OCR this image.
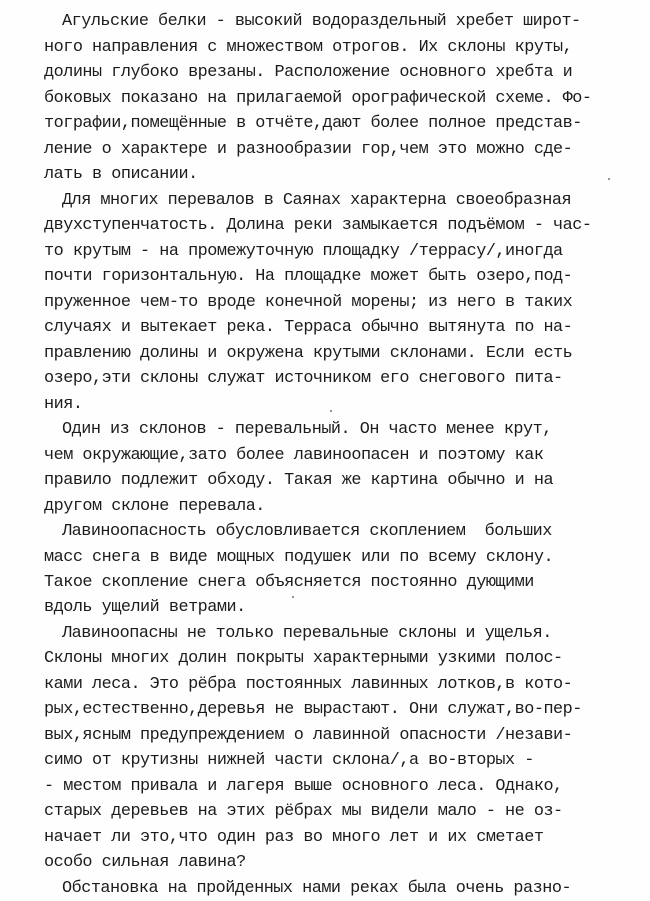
Агульские белки - высокий водораздельный хребет широт-
ного направления с множеством отрогов. Их склоны круты,
долины глубоко врезаны. Расположение основного хребта и
боковых показано на прилагаемой орографической схеме. Фо-
тографии,помещённые в отчёте,дают более полное представ-
ление о характере и разнообразии гор,чем это можно сде-
лать в описании.
Для многих перевалов в Саянах характерна своеобразная
двухступенчатость. Долина реки замыкается подъёмом - час-
то крутым - на промежуточную площадку /террасу/,иногда
почти горизонтальную. На площадке может быть озеро,под-
пруженное чем-то вроде конечной морены; из него в таких
случаях и вытекает река. Терраса обычно вытянута по на-
правлению долины и окружена крутыми склонами. Если есть
озеро,эти склоны служат источником его снегового пита-
ния.
Один из склонов - перевальный. Он часто менее крут,
чем окружающие,зато более лавиноопасен и поэтому как
правило подлежит обходу. Такая же картина обычно и на
другом склоне перевала.
Лавиноопасность обусловливается скоплением  больших
масс снега в виде мощных подушек или по всему склону.
Такое скопление снега объясняется постоянно дующими
вдоль ущелий ветрами.
Лавиноопасны не только перевальные склоны и ущелья.
Склоны многих долин покрыты характерными узкими полос-
ками леса. Это рёбра постоянных лавинных лотков,в кото-
рых,естественно,деревья не вырастают. Они служат,во-пер-
вых,ясным предупреждением о лавинной опасности /незави-
симо от крутизны нижней части склона/,а во-вторых -
- местом привала и лагеря выше основного леса. Однако,
старых деревьев на этих рёбрах мы видели мало - не оз-
начает ли это,что один раз во много лет и их сметает
особо сильная лавина?
Обстановка на пройденных нами реках была очень разно-
